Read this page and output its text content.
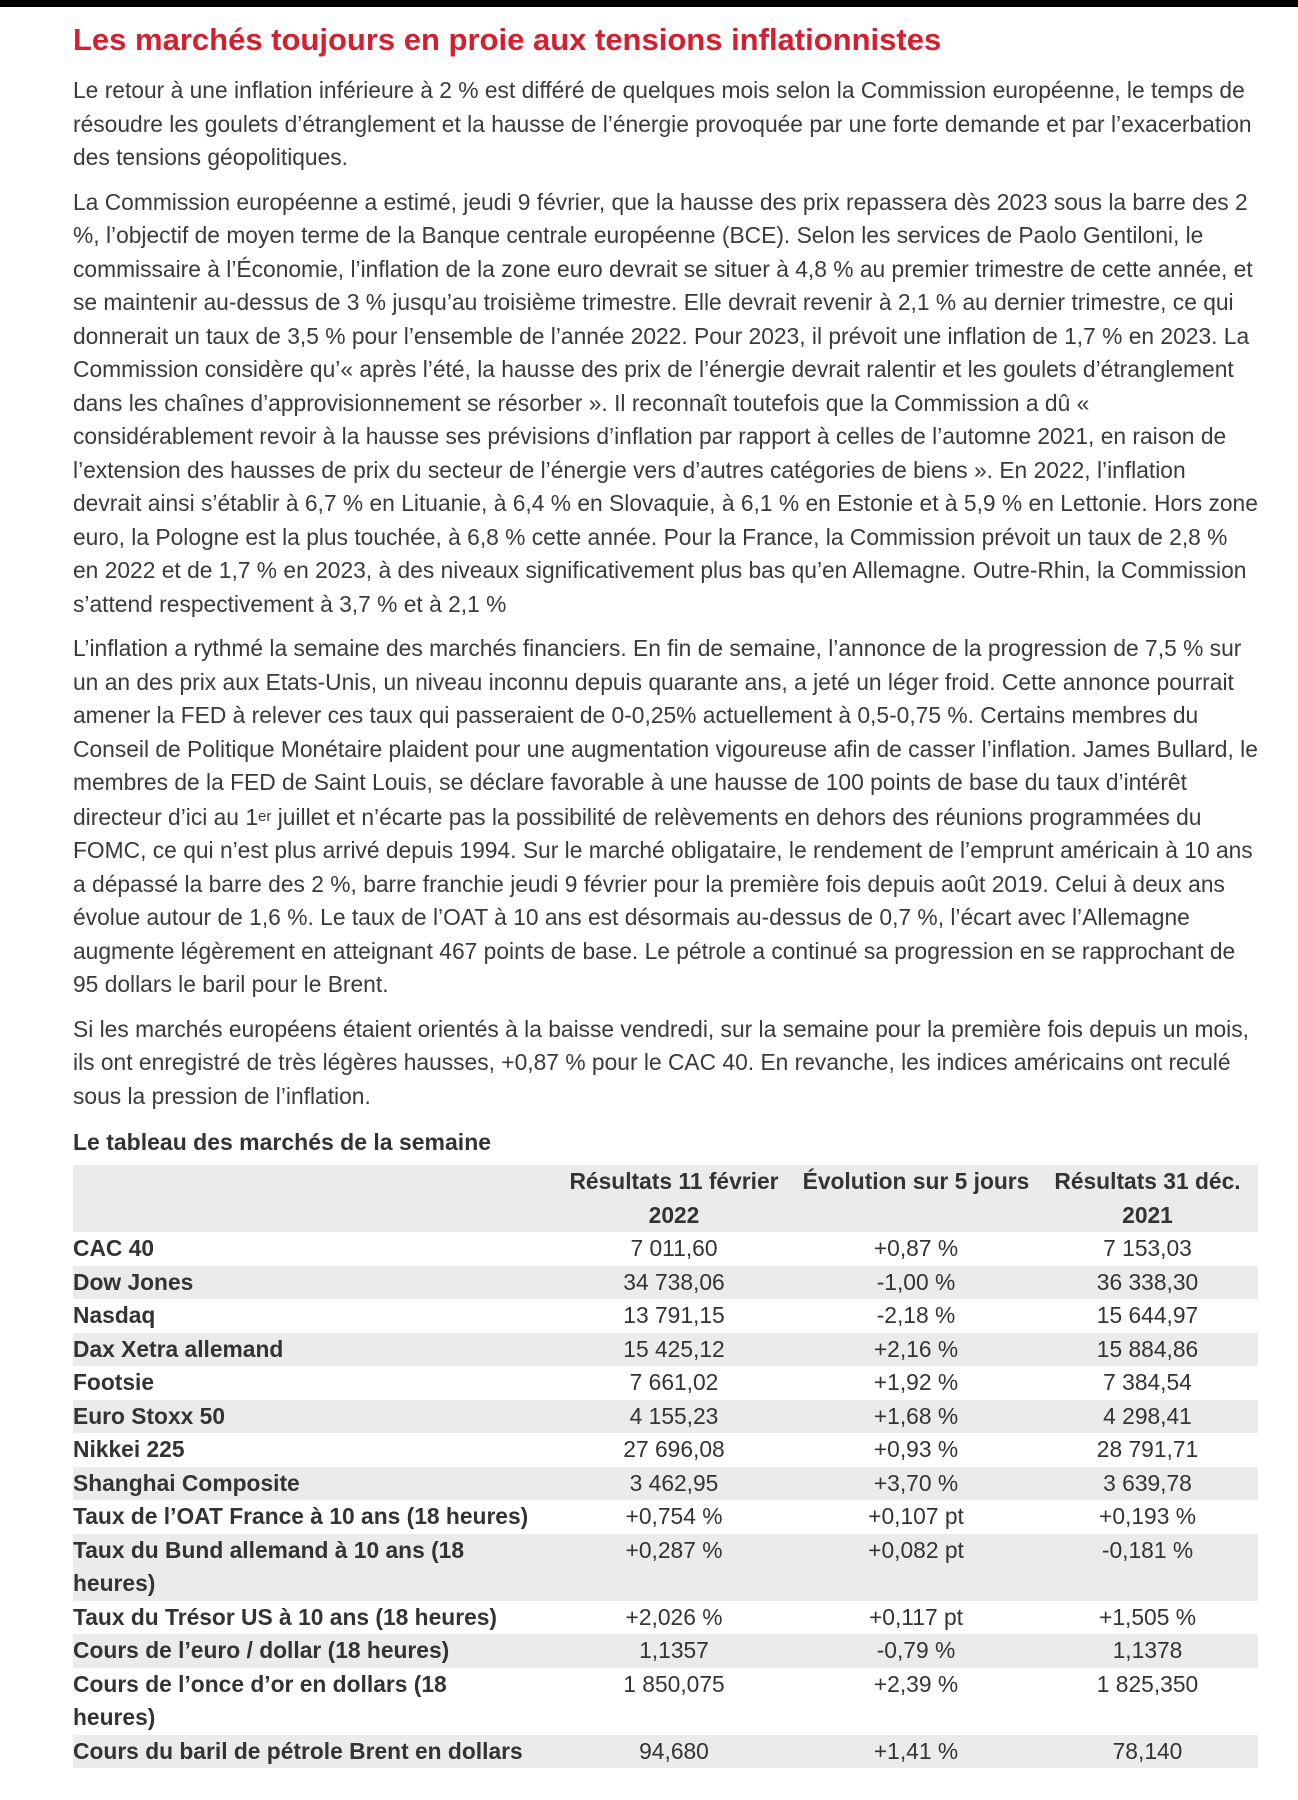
Les marchés toujours en proie aux tensions inflationnistes

Le retour à une inflation inférieure à 2 % est différé de quelques mois selon la Commission européenne, le temps de résoudre les goulets d’étranglement et la hausse de l’énergie provoquée par une forte demande et par l’exacerbation des tensions géopolitiques.

La Commission européenne a estimé, jeudi 9 février, que la hausse des prix repassera dès 2023 sous la barre des 2 %, l’objectif de moyen terme de la Banque centrale européenne (BCE). Selon les services de Paolo Gentiloni, le commissaire à l’Économie, l’inflation de la zone euro devrait se situer à 4,8 % au premier trimestre de cette année, et se maintenir au-dessus de 3 % jusqu’au troisième trimestre. Elle devrait revenir à 2,1 % au dernier trimestre, ce qui donnerait un taux de 3,5 % pour l’ensemble de l’année 2022. Pour 2023, il prévoit une inflation de 1,7 % en 2023. La Commission considère qu’« après l’été, la hausse des prix de l’énergie devrait ralentir et les goulets d’étranglement dans les chaînes d’approvisionnement se résorber ». Il reconnaît toutefois que la Commission a dû « considérablement revoir à la hausse ses prévisions d’inflation par rapport à celles de l’automne 2021, en raison de l’extension des hausses de prix du secteur de l’énergie vers d’autres catégories de biens ». En 2022, l’inflation devrait ainsi s’établir à 6,7 % en Lituanie, à 6,4 % en Slovaquie, à 6,1 % en Estonie et à 5,9 % en Lettonie. Hors zone euro, la Pologne est la plus touchée, à 6,8 % cette année. Pour la France, la Commission prévoit un taux de 2,8 % en 2022 et de 1,7 % en 2023, à des niveaux significativement plus bas qu’en Allemagne. Outre-Rhin, la Commission s’attend respectivement à 3,7 % et à 2,1 %

L’inflation a rythmé la semaine des marchés financiers. En fin de semaine, l’annonce de la progression de 7,5 % sur un an des prix aux Etats-Unis, un niveau inconnu depuis quarante ans, a jeté un léger froid. Cette annonce pourrait amener la FED à relever ces taux qui passeraient de 0-0,25% actuellement à 0,5-0,75 %. Certains membres du Conseil de Politique Monétaire plaident pour une augmentation vigoureuse afin de casser l’inflation. James Bullard, le membres de la FED de Saint Louis, se déclare favorable à une hausse de 100 points de base du taux d’intérêt directeur d’ici au 1er juillet et n’écarte pas la possibilité de relèvements en dehors des réunions programmées du FOMC, ce qui n’est plus arrivé depuis 1994. Sur le marché obligataire, le rendement de l’emprunt américain à 10 ans a dépassé la barre des 2 %, barre franchie jeudi 9 février pour la première fois depuis août 2019. Celui à deux ans évolue autour de 1,6 %. Le taux de l’OAT à 10 ans est désormais au-dessus de 0,7 %, l’écart avec l’Allemagne augmente légèrement en atteignant 467 points de base. Le pétrole a continué sa progression en se rapprochant de 95 dollars le baril pour le Brent.

Si les marchés européens étaient orientés à la baisse vendredi, sur la semaine pour la première fois depuis un mois, ils ont enregistré de très légères hausses, +0,87 % pour le CAC 40. En revanche, les indices américains ont reculé sous la pression de l’inflation.

Le tableau des marchés de la semaine
	Résultats 11 février 2022	Évolution sur 5 jours	Résultats 31 déc. 2021
CAC 40	7 011,60	+0,87 %	7 153,03
Dow Jones	34 738,06	-1,00 %	36 338,30
Nasdaq	13 791,15	-2,18 %	15 644,97
Dax Xetra allemand	15 425,12	+2,16 %	15 884,86
Footsie	7 661,02	+1,92 %	7 384,54
Euro Stoxx 50	4 155,23	+1,68 %	4 298,41
Nikkei 225	27 696,08	+0,93 %	28 791,71
Shanghai Composite	3 462,95	+3,70 %	3 639,78
Taux de l’OAT France à 10 ans (18 heures)	+0,754 %	+0,107 pt	+0,193 %
Taux du Bund allemand à 10 ans (18 heures)	+0,287 %	+0,082 pt	-0,181 %
Taux du Trésor US à 10 ans (18 heures)	+2,026 %	+0,117 pt	+1,505 %
Cours de l’euro / dollar (18 heures)	1,1357	-0,79 %	1,1378
Cours de l’once d’or en dollars (18 heures)	1 850,075	+2,39 %	1 825,350
Cours du baril de pétrole Brent en dollars	94,680	+1,41 %	78,140
